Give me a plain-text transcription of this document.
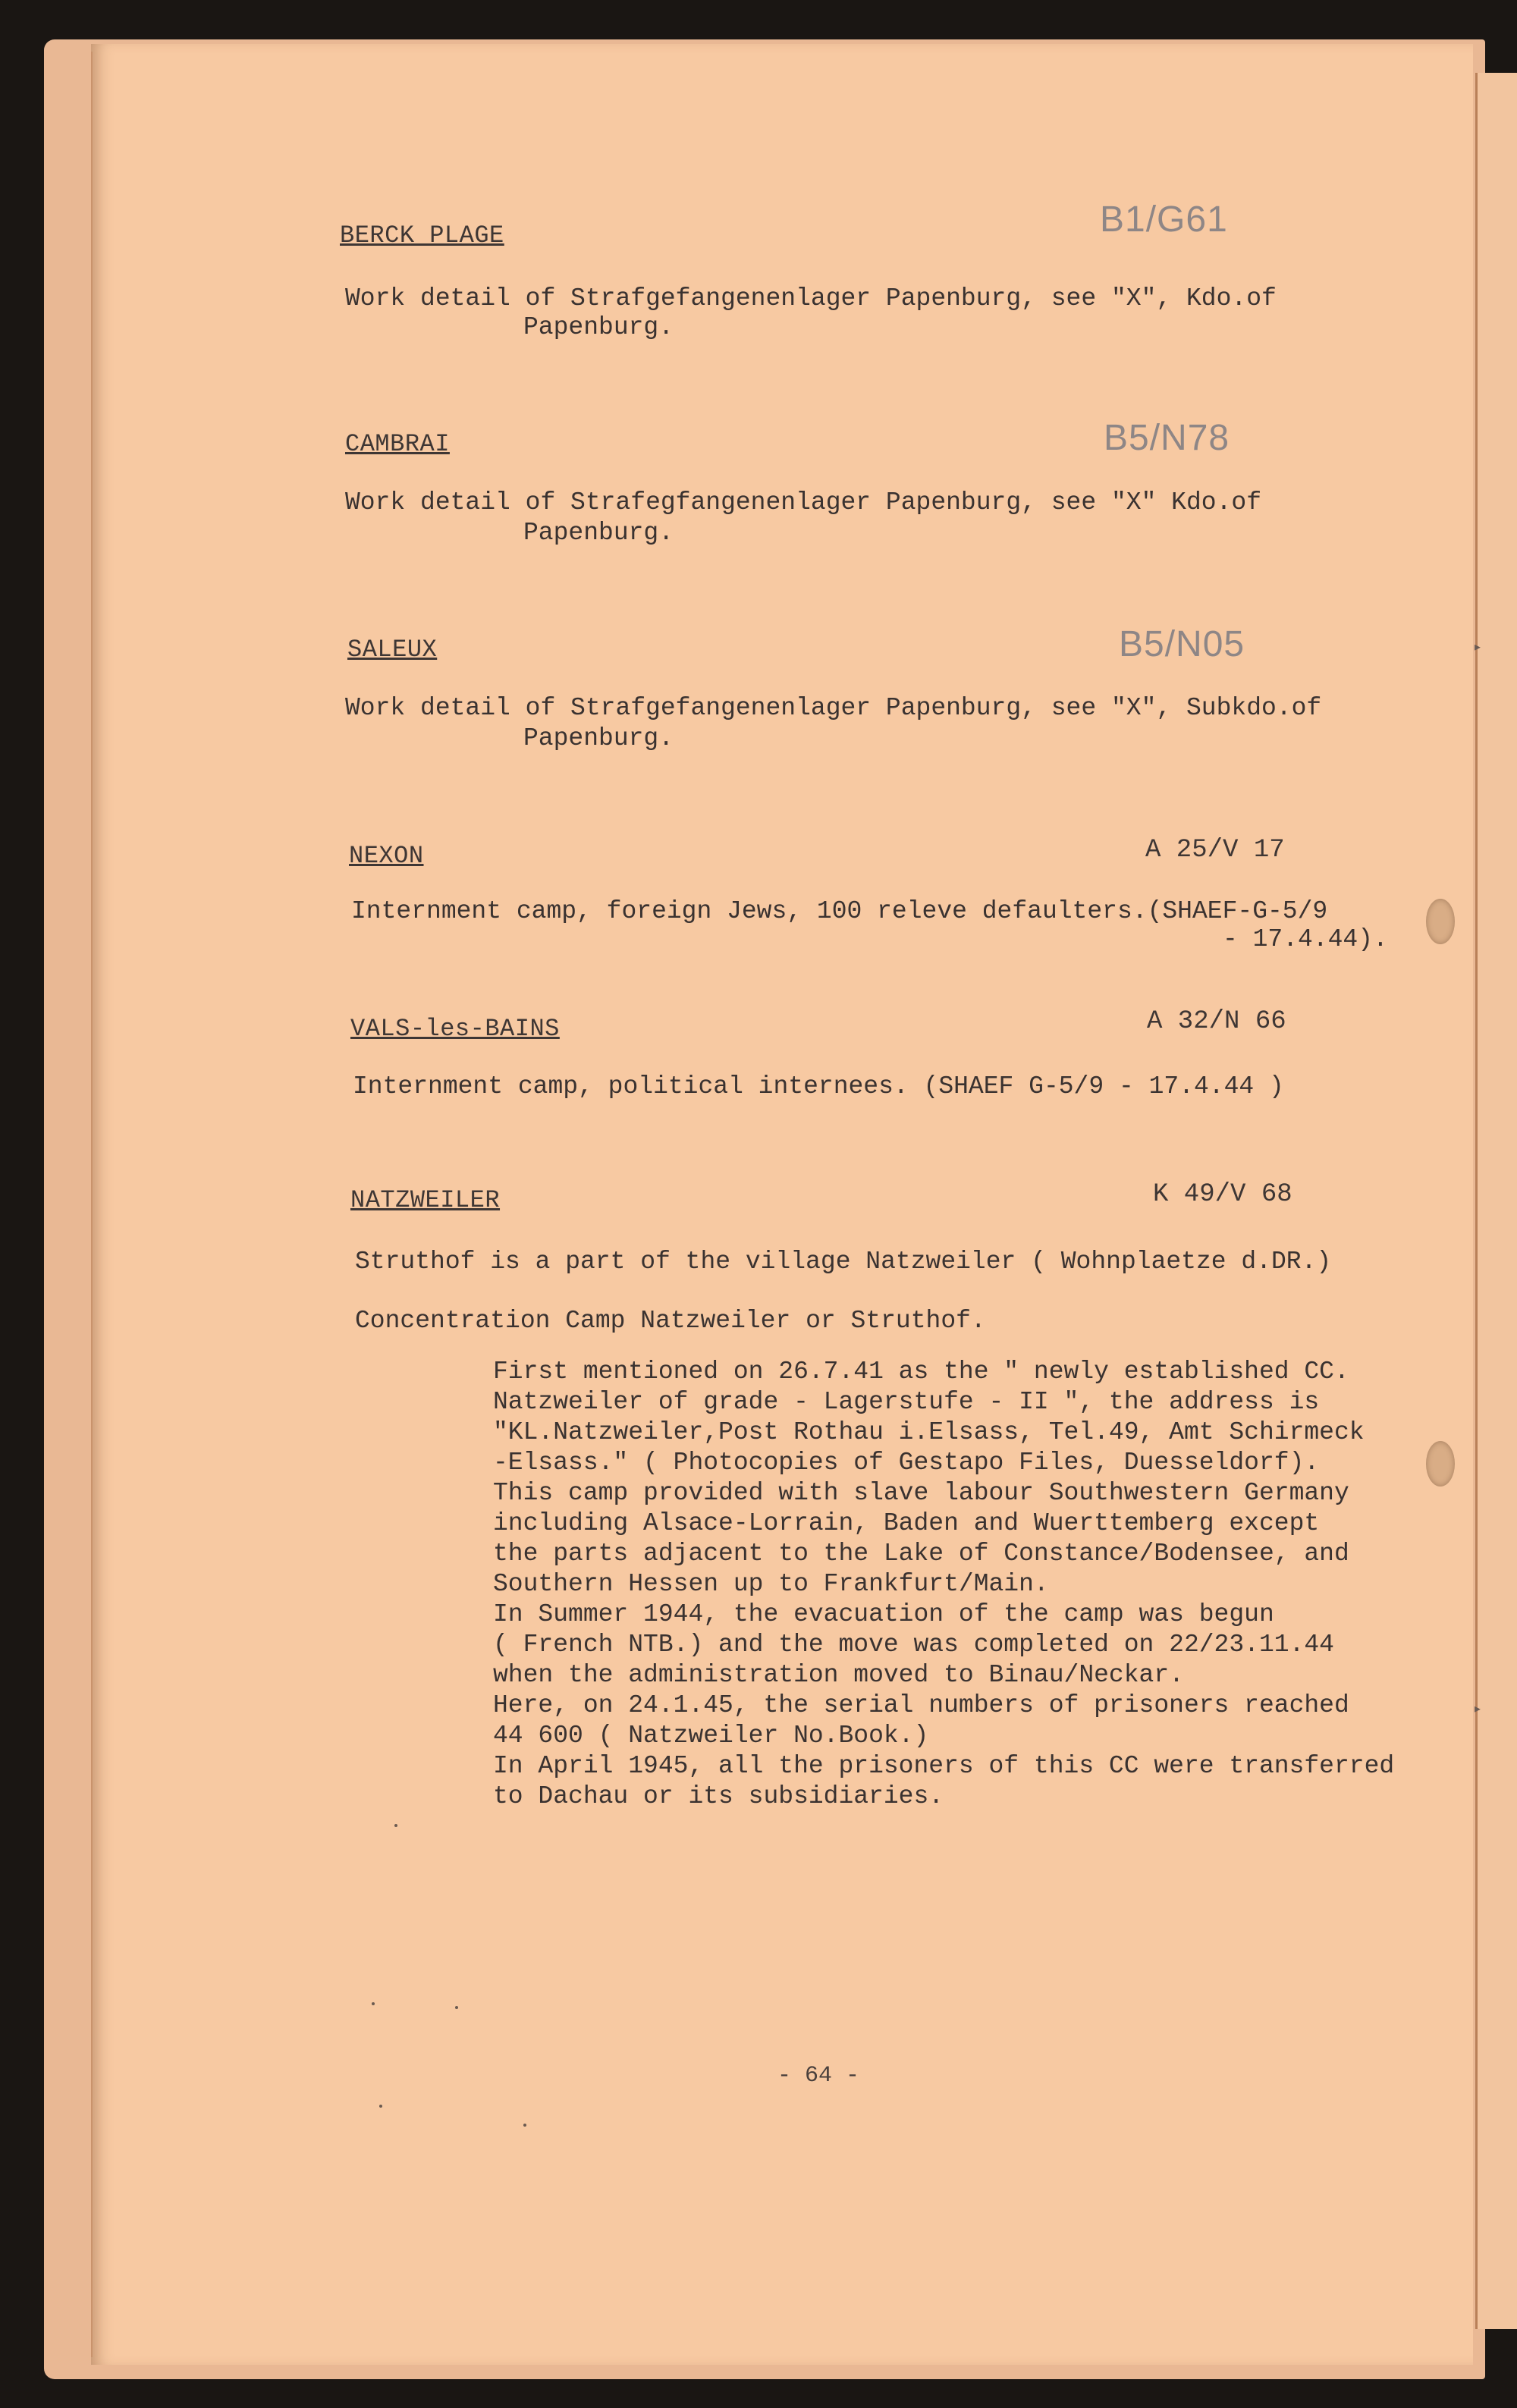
▸
▸
BERCK PLAGE	B1/G61
Work detail of Strafgefangenenlager Papenburg, see "X", Kdo.of
Papenburg.
CAMBRAI	B5/N78
Work detail of Strafegfangenenlager Papenburg, see "X" Kdo.of
Papenburg.
SALEUX	B5/N05
Work detail of Strafgefangenenlager Papenburg, see "X", Subkdo.of
Papenburg.
NEXON	A 25/V 17
Internment camp, foreign Jews, 100 releve defaulters.(SHAEF-G-5/9
- 17.4.44).
VALS-les-BAINS	A 32/N 66
Internment camp, political internees. (SHAEF G-5/9 - 17.4.44 )
NATZWEILER	K 49/V 68
Struthof is a part of the village Natzweiler ( Wohnplaetze d.DR.)
Concentration Camp Natzweiler or Struthof.
First mentioned on 26.7.41 as the " newly established CC.
Natzweiler of grade - Lagerstufe - II ", the address is
"KL.Natzweiler,Post Rothau i.Elsass, Tel.49, Amt Schirmeck
-Elsass." ( Photocopies of Gestapo Files, Duesseldorf).
This camp provided with slave labour Southwestern Germany
including Alsace-Lorrain, Baden and Wuerttemberg except
the parts adjacent to the Lake of Constance/Bodensee, and
Southern Hessen up to Frankfurt/Main.
In Summer 1944, the evacuation of the camp was begun
( French NTB.) and the move was completed on 22/23.11.44
when the administration moved to Binau/Neckar.
Here, on 24.1.45, the serial numbers of prisoners reached
44 600 ( Natzweiler No.Book.)
In April 1945, all the prisoners of this CC were transferred
to Dachau or its subsidiaries.
- 64 -
